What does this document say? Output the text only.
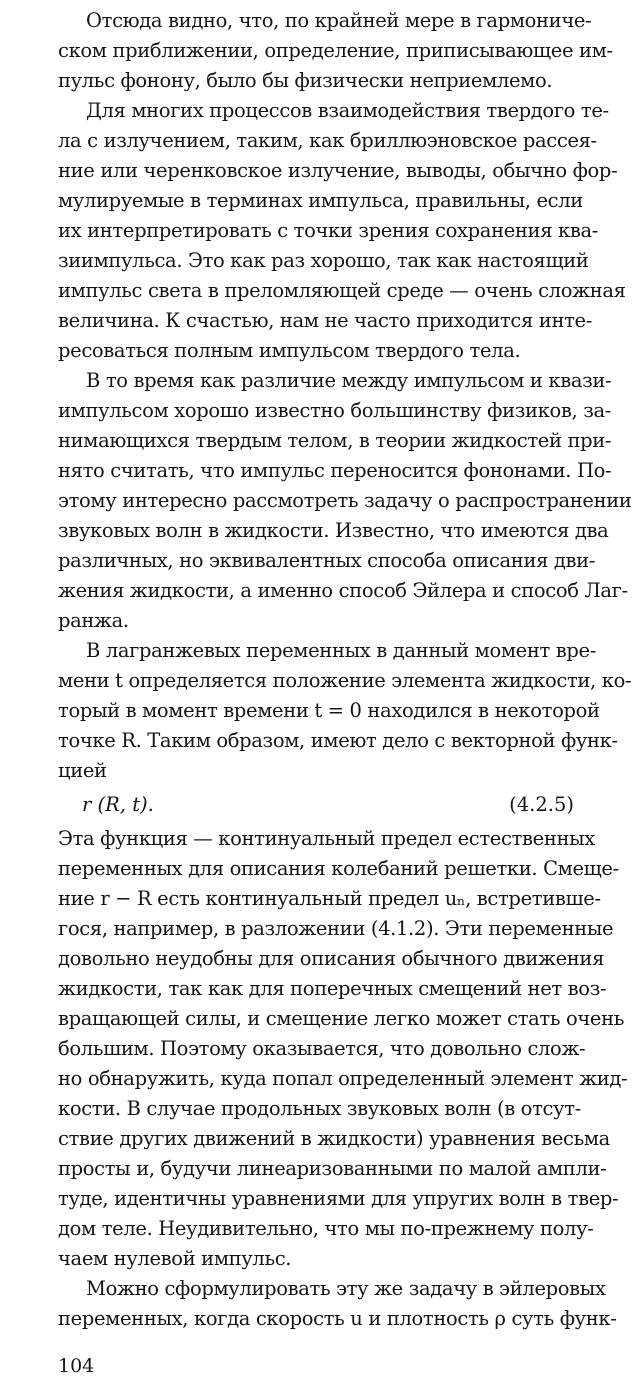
r (R, t).	(4.2.5)
Отсюда видно, что, по крайней мере в гармониче-
ском приближении, определение, приписывающее им-
пульс фонону, было бы физически неприемлемо.
Для многих процессов взаимодействия твердого те-
ла с излучением, таким, как бриллюэновское рассея-
ние или черенковское излучение, выводы, обычно фор-
мулируемые в терминах импульса, правильны, если
их интерпретировать с точки зрения сохранения ква-
зиимпульса. Это как раз хорошо, так как настоящий
импульс света в преломляющей среде — очень сложная
величина. К счастью, нам не часто приходится инте-
ресоваться полным импульсом твердого тела.
В то время как различие между импульсом и квази-
импульсом хорошо известно большинству физиков, за-
нимающихся твердым телом, в теории жидкостей при-
нято считать, что импульс переносится фононами. По-
этому интересно рассмотреть задачу о распространении
звуковых волн в жидкости. Известно, что имеются два
различных, но эквивалентных способа описания дви-
жения жидкости, а именно способ Эйлера и способ Лаг-
ранжа.
В лагранжевых переменных в данный момент вре-
мени t определяется положение элемента жидкости, ко-
торый в момент времени t = 0 находился в некоторой
точке R. Таким образом, имеют дело с векторной функ-
цией
Эта функция — континуальный предел естественных
переменных для описания колебаний решетки. Смеще-
ние r − R есть континуальный предел uₙ, встретивше-
гося, например, в разложении (4.1.2). Эти переменные
довольно неудобны для описания обычного движения
жидкости, так как для поперечных смещений нет воз-
вращающей силы, и смещение легко может стать очень
большим. Поэтому оказывается, что довольно слож-
но обнаружить, куда попал определенный элемент жид-
кости. В случае продольных звуковых волн (в отсут-
ствие других движений в жидкости) уравнения весьма
просты и, будучи линеаризованными по малой ампли-
туде, идентичны уравнениями для упругих волн в твер-
дом теле. Неудивительно, что мы по-прежнему полу-
чаем нулевой импульс.
Можно сформулировать эту же задачу в эйлеровых
переменных, когда скорость u и плотность ρ суть функ-
104
